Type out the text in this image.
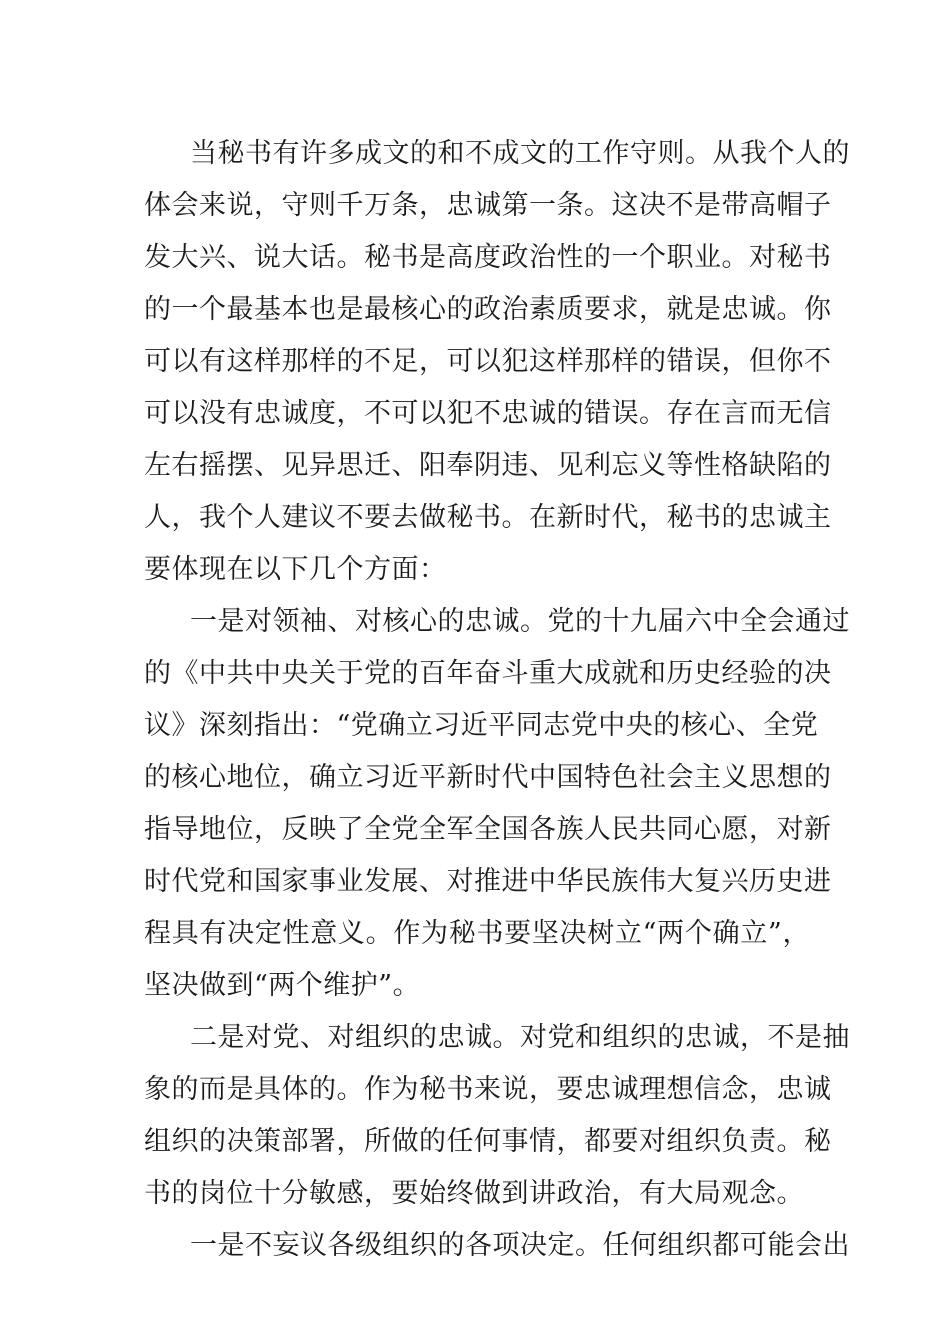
当秘书有许多成文的和不成文的工作守则。从我个人的
体会来说，守则千万条，忠诚第一条。这决不是带高帽子
发大兴、说大话。秘书是高度政治性的一个职业。对秘书
的一个最基本也是最核心的政治素质要求，就是忠诚。你
可以有这样那样的不足，可以犯这样那样的错误，但你不
可以没有忠诚度，不可以犯不忠诚的错误。存在言而无信
左右摇摆、见异思迁、阳奉阴违、见利忘义等性格缺陷的
人，我个人建议不要去做秘书。在新时代，秘书的忠诚主
要体现在以下几个方面：
一是对领袖、对核心的忠诚。党的十九届六中全会通过
的《中共中央关于党的百年奋斗重大成就和历史经验的决
议》深刻指出：“党确立习近平同志党中央的核心、全党
的核心地位，确立习近平新时代中国特色社会主义思想的
指导地位，反映了全党全军全国各族人民共同心愿，对新
时代党和国家事业发展、对推进中华民族伟大复兴历史进
程具有决定性意义。作为秘书要坚决树立“两个确立”，
坚决做到“两个维护”。
二是对党、对组织的忠诚。对党和组织的忠诚，不是抽
象的而是具体的。作为秘书来说，要忠诚理想信念，忠诚
组织的决策部署，所做的任何事情，都要对组织负责。秘
书的岗位十分敏感，要始终做到讲政治，有大局观念。
一是不妄议各级组织的各项决定。任何组织都可能会出
